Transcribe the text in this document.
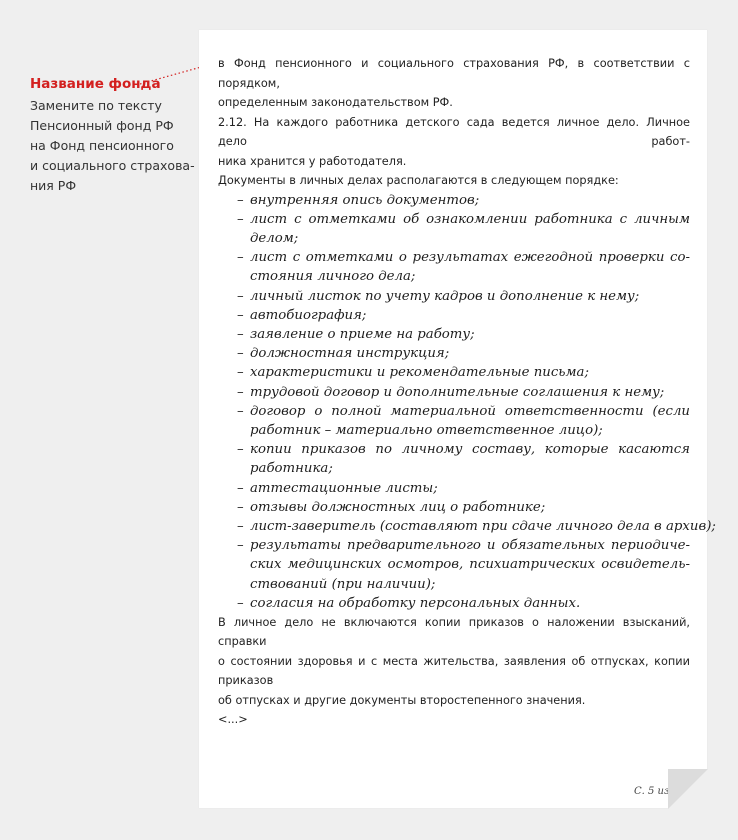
Название фонда
Замените по тексту
Пенсионный фонд РФ
на Фонд пенсионного
и социального страхова-
ния РФ
в Фонд пенсионного и социального страхования РФ, в соответствии с порядком,
определенным законодательством РФ.
2.12. На каждого работника детского сада ведется личное дело. Личное дело работ-
ника хранится у работодателя.
Документы в личных делах располагаются в следующем порядке:
– внутренняя опись документов;
– лист с отметками об ознакомлении работника с личным
делом;
– лист с отметками о результатах ежегодной проверки со-
стояния личного дела;
– личный листок по учету кадров и дополнение к нему;
– автобиография;
– заявление о приеме на работу;
– должностная инструкция;
– характеристики и рекомендательные письма;
– трудовой договор и дополнительные соглашения к нему;
– договор о полной материальной ответственности (если
работник – материально ответственное лицо);
– копии приказов по личному составу, которые касаются
работника;
– аттестационные листы;
– отзывы должностных лиц о работнике;
– лист-заверитель (составляют при сдаче личного дела в архив);
– результаты предварительного и обязательных периодиче-
ских медицинских осмотров, психиатрических освидетель-
ствований (при наличии);
– согласия на обработку персональных данных.
В личное дело не включаются копии приказов о наложении взысканий, справки
о состоянии здоровья и с места жительства, заявления об отпусках, копии приказов
об отпусках и другие документы второстепенного значения.
<...>
С. 5 из 5
